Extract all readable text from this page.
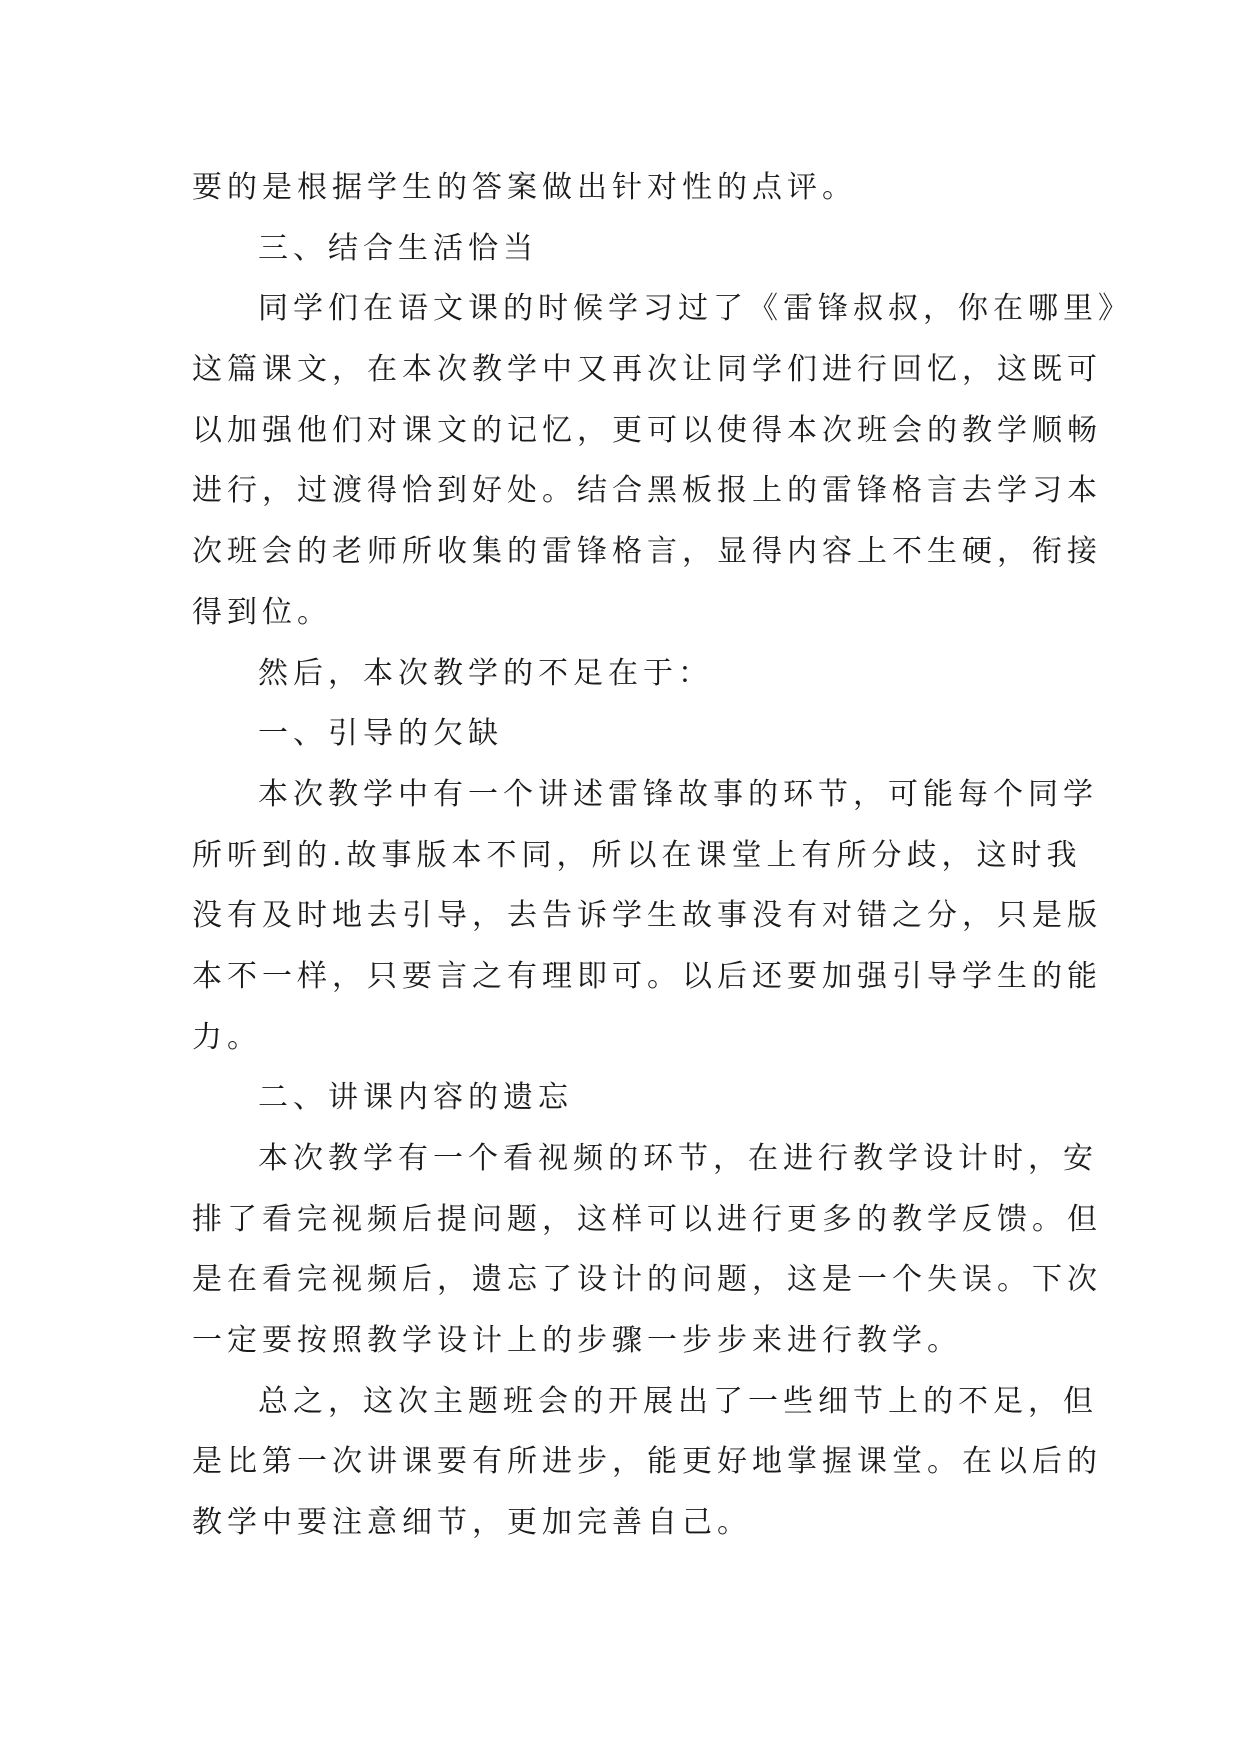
要的是根据学生的答案做出针对性的点评。
三、结合生活恰当
同学们在语文课的时候学习过了《雷锋叔叔，你在哪里》
这篇课文，在本次教学中又再次让同学们进行回忆，这既可
以加强他们对课文的记忆，更可以使得本次班会的教学顺畅
进行，过渡得恰到好处。结合黑板报上的雷锋格言去学习本
次班会的老师所收集的雷锋格言，显得内容上不生硬，衔接
得到位。
然后，本次教学的不足在于：
一、引导的欠缺
本次教学中有一个讲述雷锋故事的环节，可能每个同学
所听到的.故事版本不同，所以在课堂上有所分歧，这时我
没有及时地去引导，去告诉学生故事没有对错之分，只是版
本不一样，只要言之有理即可。以后还要加强引导学生的能
力。
二、讲课内容的遗忘
本次教学有一个看视频的环节，在进行教学设计时，安
排了看完视频后提问题，这样可以进行更多的教学反馈。但
是在看完视频后，遗忘了设计的问题，这是一个失误。下次
一定要按照教学设计上的步骤一步步来进行教学。
总之，这次主题班会的开展出了一些细节上的不足，但
是比第一次讲课要有所进步，能更好地掌握课堂。在以后的
教学中要注意细节，更加完善自己。
